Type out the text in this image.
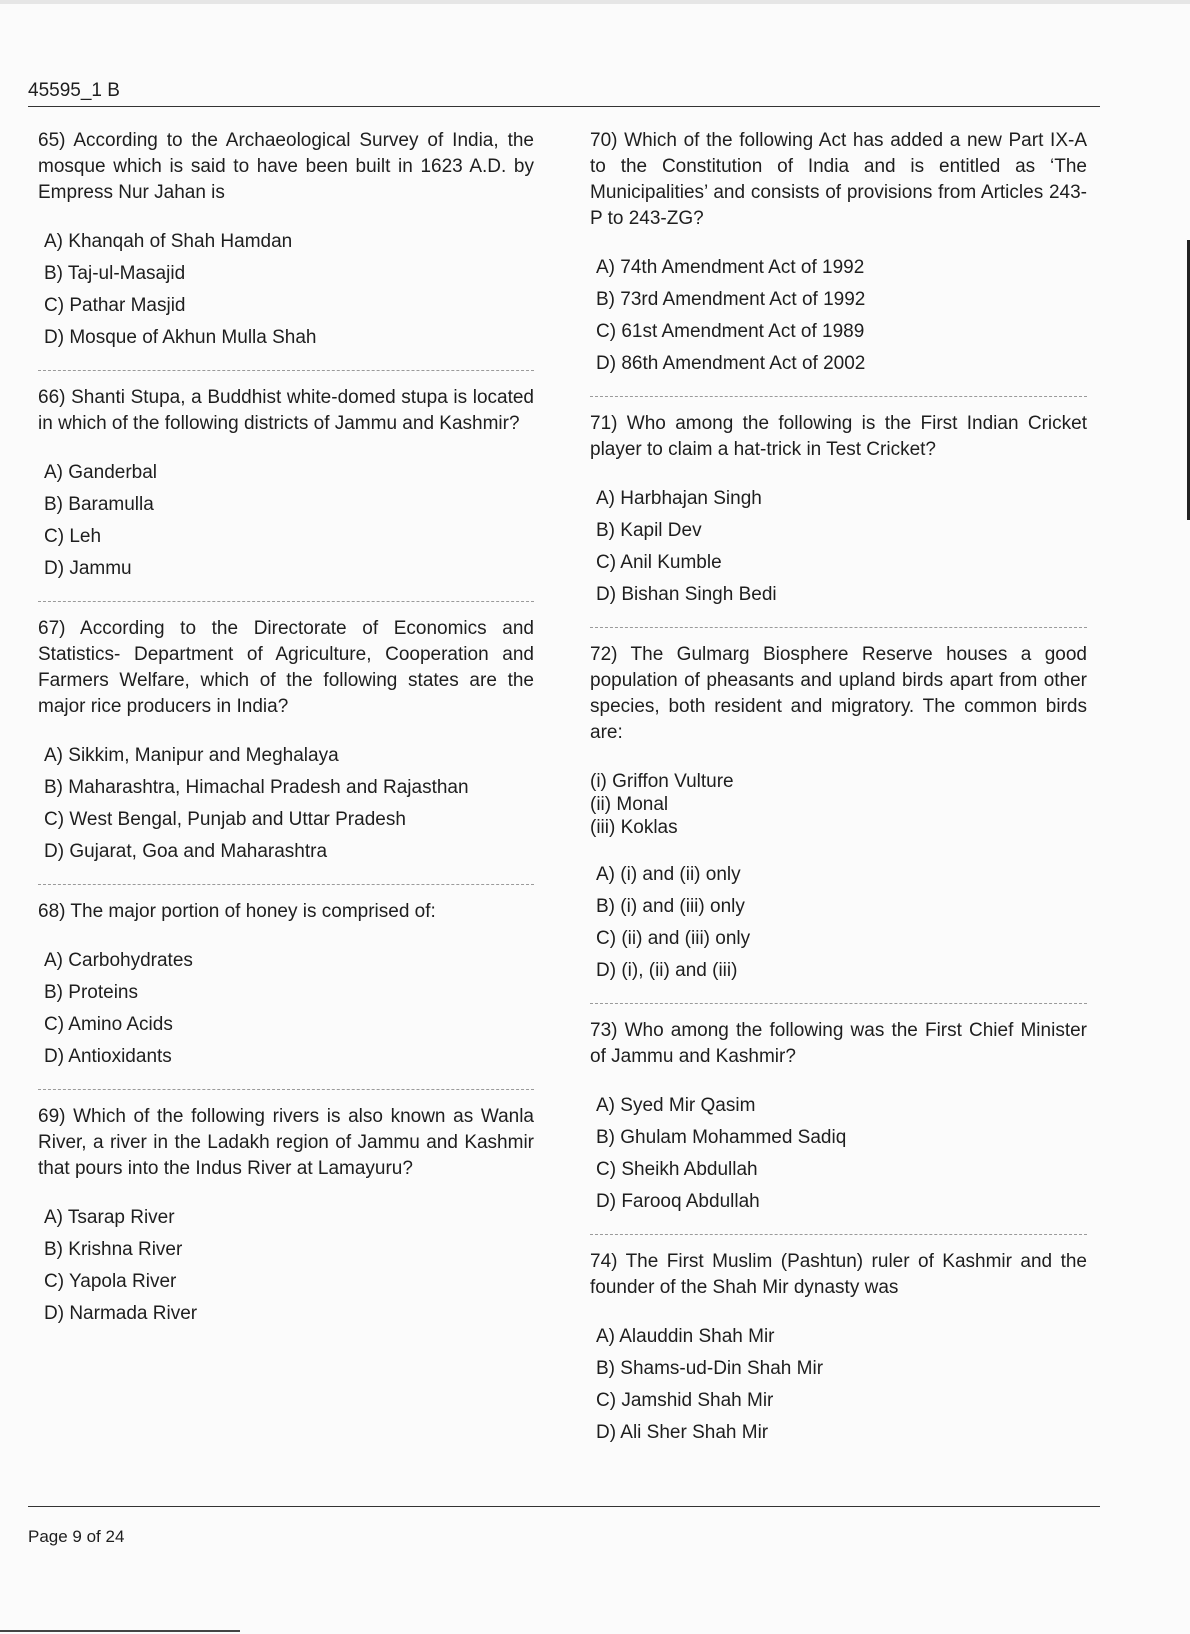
45595_1 B
65) According to the Archaeological Survey of India, the mosque which is said to have been built in 1623 A.D. by Empress Nur Jahan is
A) Khanqah of Shah Hamdan
B) Taj-ul-Masajid
C) Pathar Masjid
D) Mosque of Akhun Mulla Shah
66) Shanti Stupa, a Buddhist white-domed stupa is located in which of the following districts of Jammu and Kashmir?
A) Ganderbal
B) Baramulla
C) Leh
D) Jammu
67) According to the Directorate of Economics and Statistics- Department of Agriculture, Cooperation and Farmers Welfare, which of the following states are the major rice producers in India?
A) Sikkim, Manipur and Meghalaya
B) Maharashtra, Himachal Pradesh and Rajasthan
C) West Bengal, Punjab and Uttar Pradesh
D) Gujarat, Goa and Maharashtra
68) The major portion of honey is comprised of:
A) Carbohydrates
B) Proteins
C) Amino Acids
D) Antioxidants
69) Which of the following rivers is also known as Wanla River, a river in the Ladakh region of Jammu and Kashmir that pours into the Indus River at Lamayuru?
A) Tsarap River
B) Krishna River
C) Yapola River
D) Narmada River
70) Which of the following Act has added a new Part IX-A to the Constitution of India and is entitled as ‘The Municipalities’ and consists of provisions from Articles 243-P to 243-ZG?
A) 74th Amendment Act of 1992
B) 73rd Amendment Act of 1992
C) 61st Amendment Act of 1989
D) 86th Amendment Act of 2002
71) Who among the following is the First Indian Cricket player to claim a hat-trick in Test Cricket?
A) Harbhajan Singh
B) Kapil Dev
C) Anil Kumble
D) Bishan Singh Bedi
72) The Gulmarg Biosphere Reserve houses a good population of pheasants and upland birds apart from other species, both resident and migratory. The common birds are:
(i) Griffon Vulture
(ii) Monal
(iii) Koklas
A) (i) and (ii) only
B) (i) and (iii) only
C) (ii) and (iii) only
D) (i), (ii) and (iii)
73) Who among the following was the First Chief Minister of Jammu and Kashmir?
A) Syed Mir Qasim
B) Ghulam Mohammed Sadiq
C) Sheikh Abdullah
D) Farooq Abdullah
74) The First Muslim (Pashtun) ruler of Kashmir and the founder of the Shah Mir dynasty was
A) Alauddin Shah Mir
B) Shams-ud-Din Shah Mir
C) Jamshid Shah Mir
D) Ali Sher Shah Mir
Page 9 of 24
